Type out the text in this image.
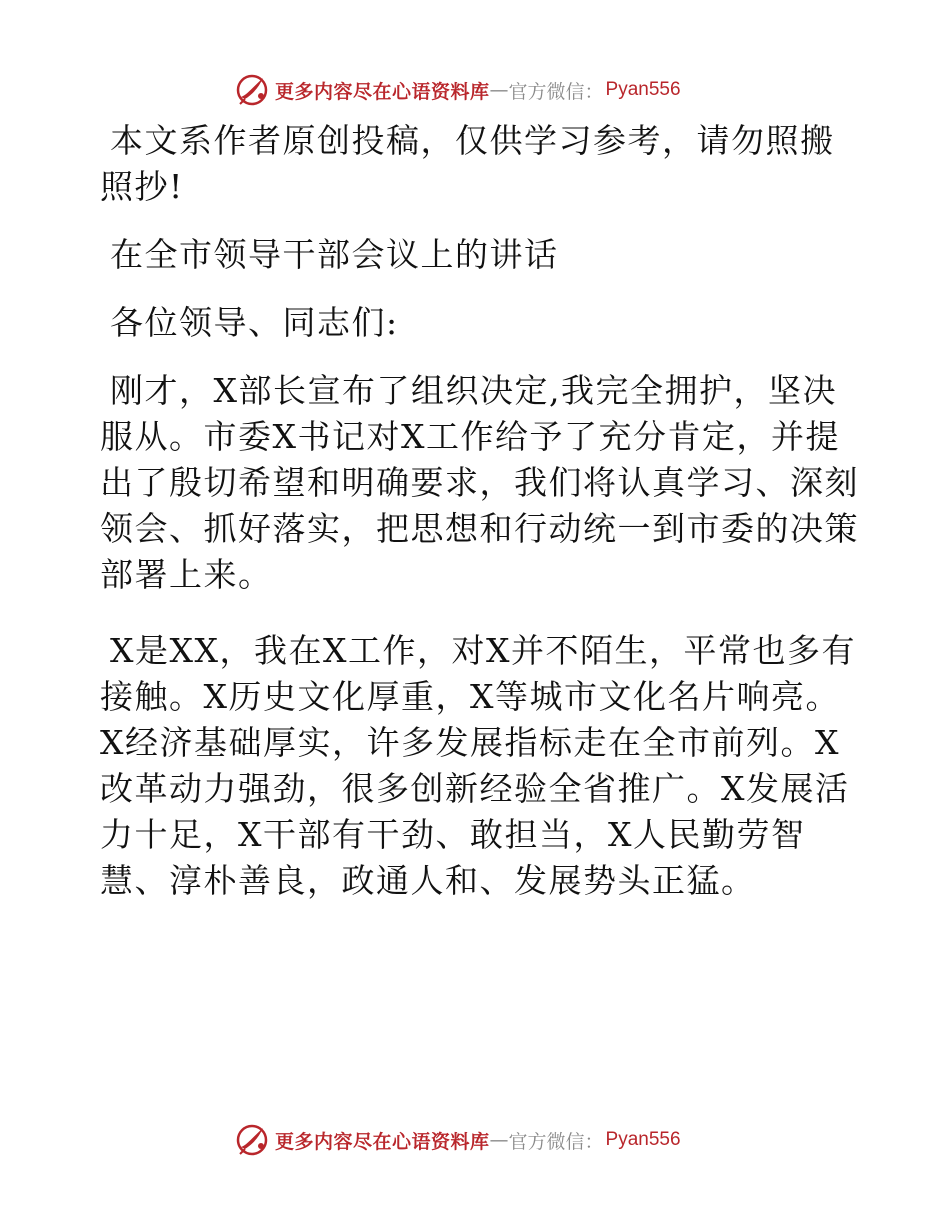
更多内容尽在心语资料库 — 官方微信： Pyan556

本文系作者原创投稿，仅供学习参考，请勿照搬照抄!

在全市领导干部会议上的讲话

各位领导、同志们:

刚才，X部长宣布了组织决定,我完全拥护，坚决服从。市委X书记对X工作给予了充分肯定，并提出了殷切希望和明确要求，我们将认真学习、深刻领会、抓好落实，把思想和行动统一到市委的决策部署上来。

X是XX，我在X工作，对X并不陌生，平常也多有接触。X历史文化厚重，X等城市文化名片响亮。X经济基础厚实，许多发展指标走在全市前列。X改革动力强劲，很多创新经验全省推广。X发展活力十足，X干部有干劲、敢担当，X人民勤劳智慧、淳朴善良，政通人和、发展势头正猛。

更多内容尽在心语资料库 — 官方微信： Pyan556
